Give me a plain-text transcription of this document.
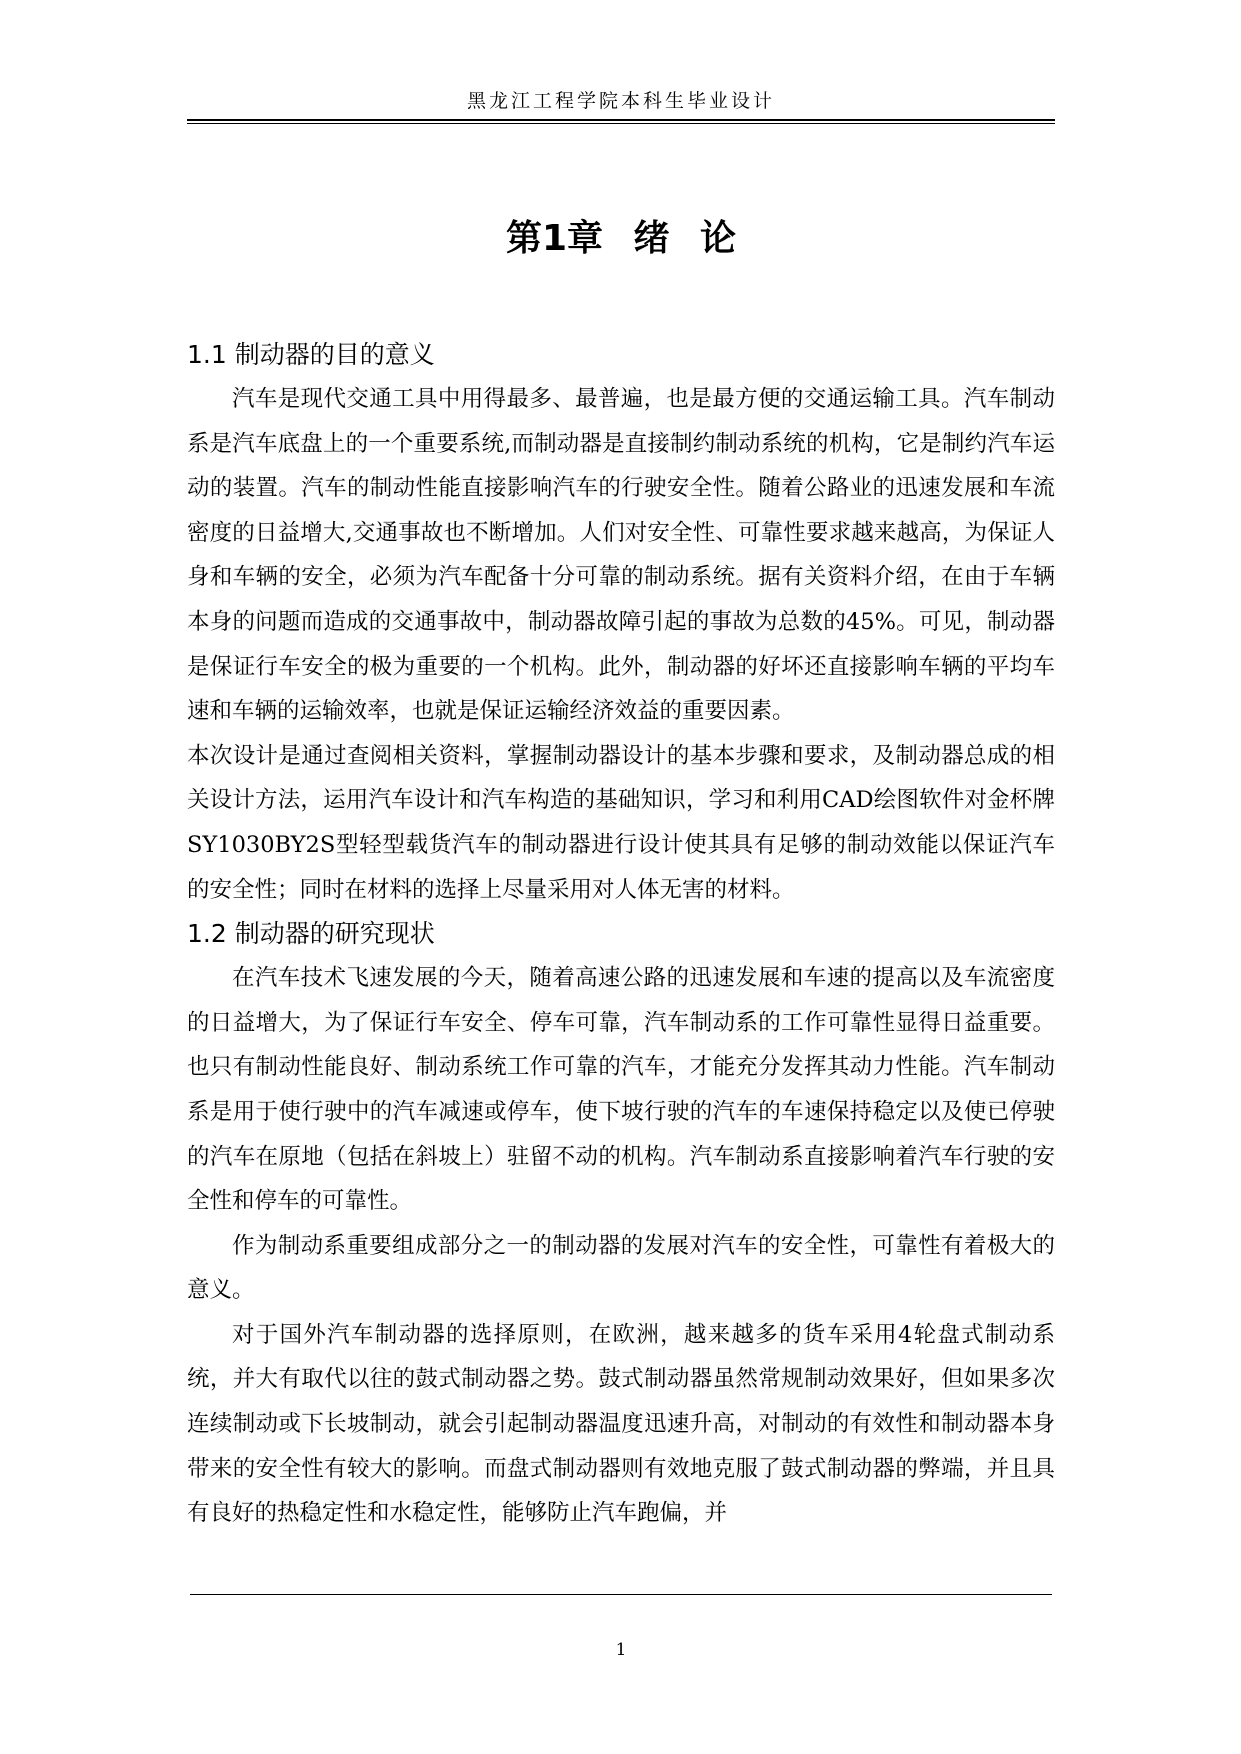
黑龙江工程学院本科生毕业设计
第1章 绪 论
1.1 制动器的目的意义

汽车是现代交通工具中用得最多、最普遍，也是最方便的交通运输工具。汽车制动系是汽车底盘上的一个重要系统,而制动器是直接制约制动系统的机构，它是制约汽车运动的装置。汽车的制动性能直接影响汽车的行驶安全性。随着公路业的迅速发展和车流密度的日益增大,交通事故也不断增加。人们对安全性、可靠性要求越来越高，为保证人身和车辆的安全，必须为汽车配备十分可靠的制动系统。据有关资料介绍，在由于车辆本身的问题而造成的交通事故中，制动器故障引起的事故为总数的45%。可见，制动器是保证行车安全的极为重要的一个机构。此外，制动器的好坏还直接影响车辆的平均车速和车辆的运输效率，也就是保证运输经济效益的重要因素。

本次设计是通过查阅相关资料，掌握制动器设计的基本步骤和要求，及制动器总成的相关设计方法，运用汽车设计和汽车构造的基础知识，学习和利用CAD绘图软件对金杯牌SY1030BY2S型轻型载货汽车的制动器进行设计使其具有足够的制动效能以保证汽车的安全性；同时在材料的选择上尽量采用对人体无害的材料。

1.2 制动器的研究现状

在汽车技术飞速发展的今天，随着高速公路的迅速发展和车速的提高以及车流密度的日益增大，为了保证行车安全、停车可靠，汽车制动系的工作可靠性显得日益重要。也只有制动性能良好、制动系统工作可靠的汽车，才能充分发挥其动力性能。汽车制动系是用于使行驶中的汽车减速或停车，使下坡行驶的汽车的车速保持稳定以及使已停驶的汽车在原地（包括在斜坡上）驻留不动的机构。汽车制动系直接影响着汽车行驶的安全性和停车的可靠性。

作为制动系重要组成部分之一的制动器的发展对汽车的安全性，可靠性有着极大的意义。

对于国外汽车制动器的选择原则，在欧洲，越来越多的货车采用4轮盘式制动系统，并大有取代以往的鼓式制动器之势。鼓式制动器虽然常规制动效果好，但如果多次连续制动或下长坡制动，就会引起制动器温度迅速升高，对制动的有效性和制动器本身带来的安全性有较大的影响。而盘式制动器则有效地克服了鼓式制动器的弊端，并且具有良好的热稳定性和水稳定性，能够防止汽车跑偏，并

1
